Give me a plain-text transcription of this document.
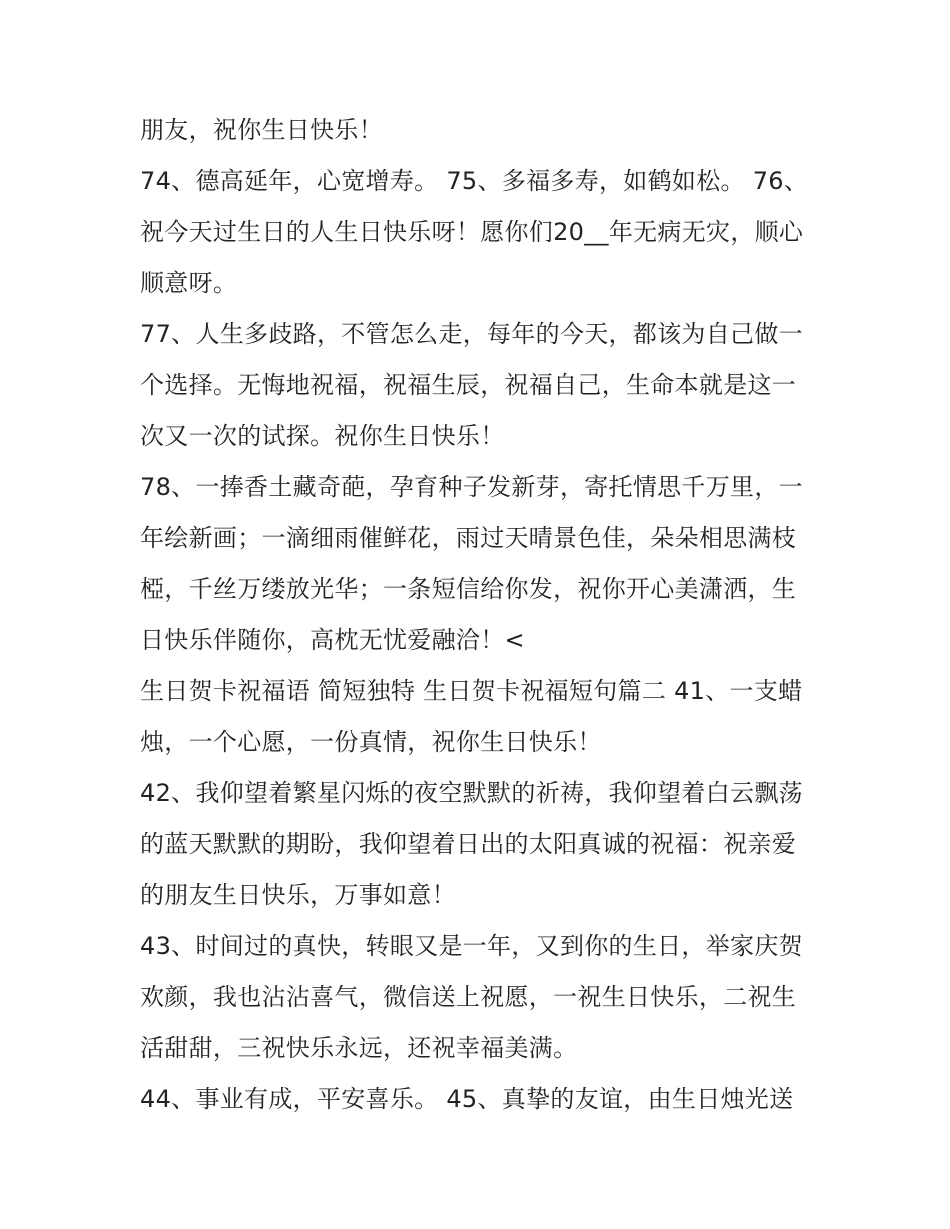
朋友，祝你生日快乐！
74、德高延年，心宽增寿。 75、多福多寿，如鹤如松。 76、
祝今天过生日的人生日快乐呀！愿你们20__年无病无灾，顺心
顺意呀。
77、人生多歧路，不管怎么走，每年的今天，都该为自己做一
个选择。无悔地祝福，祝福生辰，祝福自己，生命本就是这一
次又一次的试探。祝你生日快乐！
78、一捧香土藏奇葩，孕育种子发新芽，寄托情思千万里，一
年绘新画；一滴细雨催鲜花，雨过天晴景色佳，朵朵相思满枝
椏，千丝万缕放光华；一条短信给你发，祝你开心美潇洒，生
日快乐伴随你，高枕无忧爱融洽！<
生日贺卡祝福语 简短独特 生日贺卡祝福短句篇二 41、一支蜡
烛，一个心愿，一份真情，祝你生日快乐！
42、我仰望着繁星闪烁的夜空默默的祈祷，我仰望着白云飘荡
的蓝天默默的期盼，我仰望着日出的太阳真诚的祝福：祝亲爱
的朋友生日快乐，万事如意！
43、时间过的真快，转眼又是一年，又到你的生日，举家庆贺
欢颜，我也沾沾喜气，微信送上祝愿，一祝生日快乐，二祝生
活甜甜，三祝快乐永远，还祝幸福美满。
44、事业有成，平安喜乐。 45、真挚的友谊，由生日烛光送
